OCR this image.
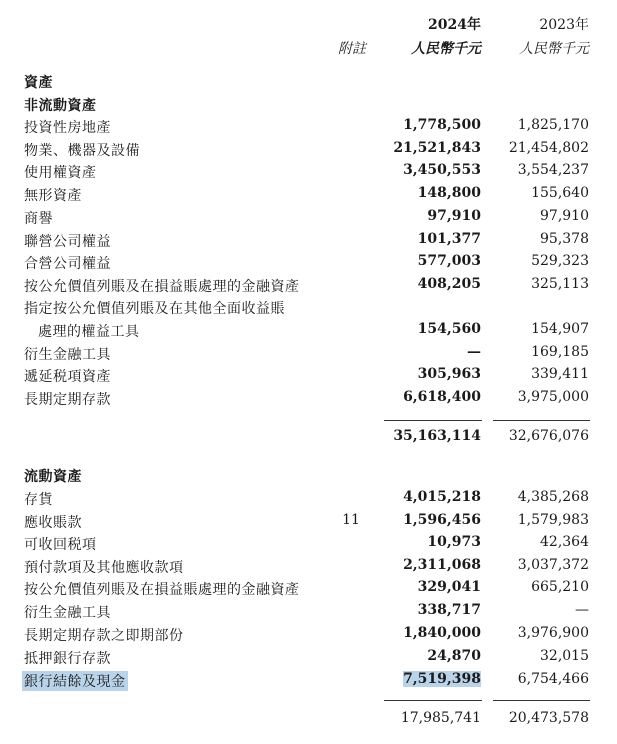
2024年	2023年
附註	人民幣千元	人民幣千元
資產
非流動資產
投資性房地產	1,778,500	1,825,170
物業、機器及設備	21,521,843 21,454,802
使用權資產	3,450,553	3,554,237
無形資產	148,800	155,640
商譽	97,910	97,910
聯營公司權益	101,377	95,378
合營公司權益	577,003	529,323
按公允價值列賬及在損益賬處理的金融資產	408,205	325,113
指定按公允價值列賬及在其他全面收益賬
處理的權益工具	154,560	154,907
衍生金融工具	—	169,185
遞延税項資產	305,963	339,411
長期定期存款	6,618,400	3,975,000
35,163,114 32,676,076
流動資產
存貨	4,015,218	4,385,268
應收賬款	11	1,596,456	1,579,983
可收回税項	10,973	42,364
預付款項及其他應收款項	2,311,068	3,037,372
按公允價值列賬及在損益賬處理的金融資產	329,041	665,210
衍生金融工具	338,717	—
長期定期存款之即期部份	1,840,000	3,976,900
抵押銀行存款	24,870	32,015
銀行結餘及現金	7,519,398	6,754,466
17,985,741 20,473,578
